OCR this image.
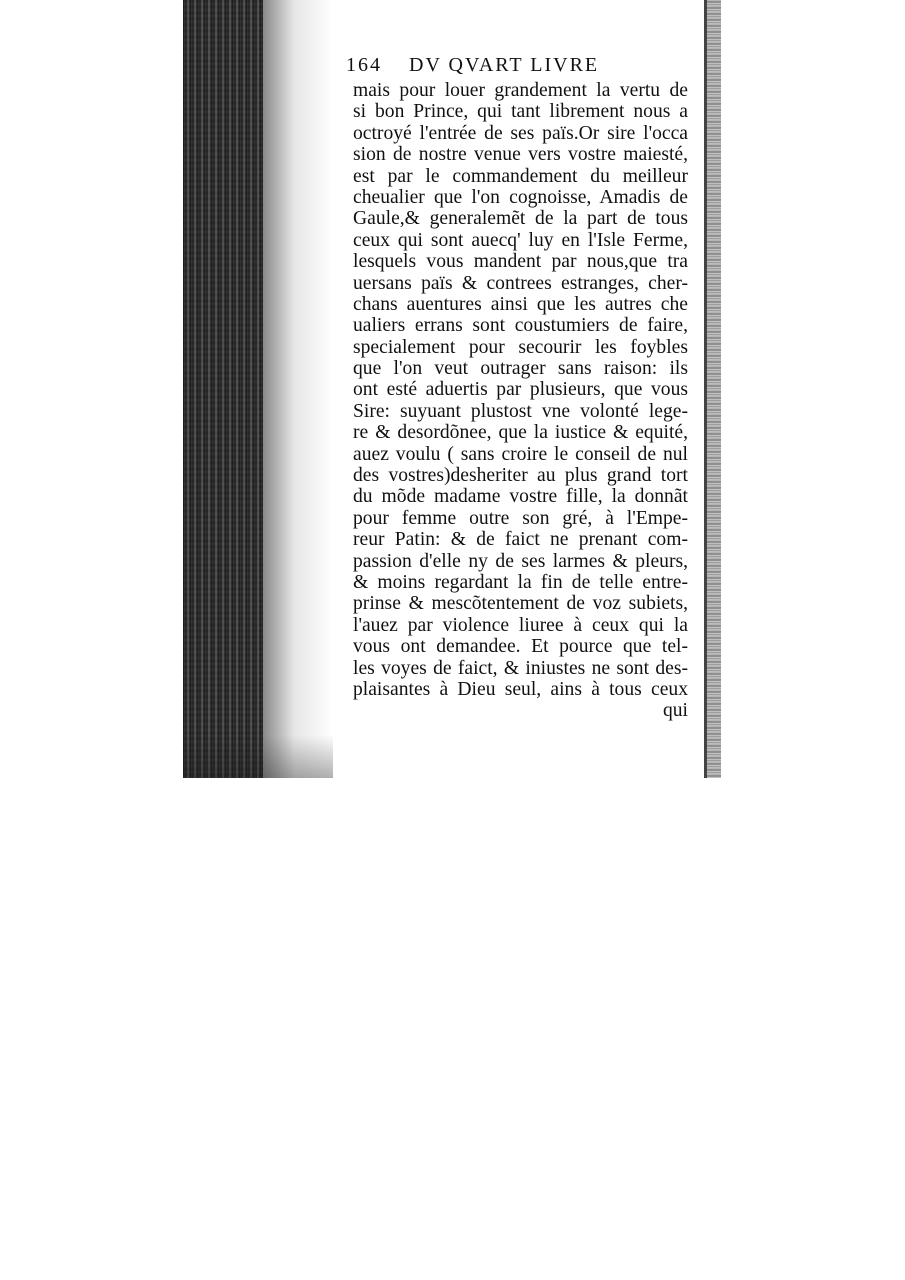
164 DV QVART LIVRE
mais pour louer grandement la vertu de
si bon Prince, qui tant librement nous a
octroyé l'entrée de ses païs.Or sire l'occa
sion de nostre venue vers vostre maiesté,
est par le commandement du meilleur
cheualier que l'on cognoisse, Amadis de
Gaule,& generalemẽt de la part de tous
ceux qui sont auecq' luy en l'Isle Ferme,
lesquels vous mandent par nous,que tra
uersans païs & contrees estranges, cher-
chans auentures ainsi que les autres che
ualiers errans sont coustumiers de faire,
specialement pour secourir les foybles
que l'on veut outrager sans raison: ils
ont esté aduertis par plusieurs, que vous
Sire: suyuant plustost vne volonté lege-
re & desordõnee, que la iustice & equité,
auez voulu ( sans croire le conseil de nul
des vostres)desheriter au plus grand tort
du mõde madame vostre fille, la donnãt
pour femme outre son gré, à l'Empe-
reur Patin: & de faict ne prenant com-
passion d'elle ny de ses larmes & pleurs,
& moins regardant la fin de telle entre-
prinse & mescõtentement de voz subiets,
l'auez par violence liuree à ceux qui la
vous ont demandee. Et pource que tel-
les voyes de faict, & iniustes ne sont des-
plaisantes à Dieu seul, ains à tous ceux
qui
